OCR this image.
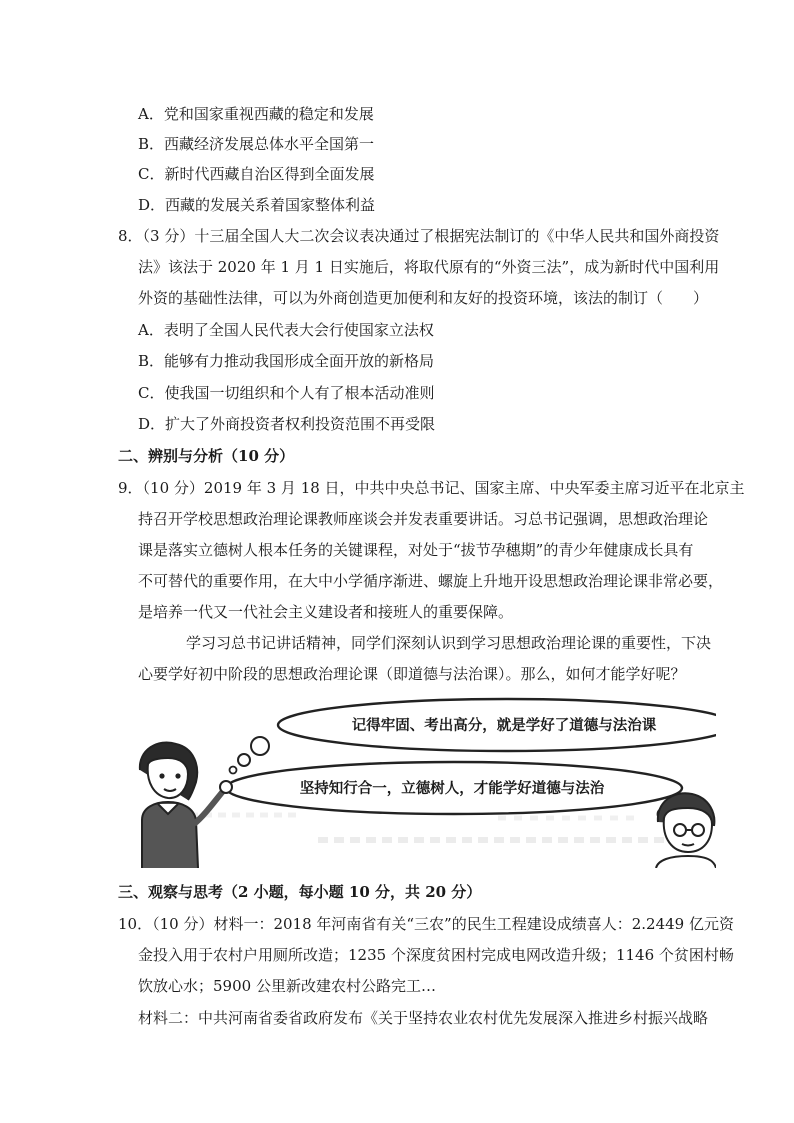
A．党和国家重视西藏的稳定和发展
B．西藏经济发展总体水平全国第一
C．新时代西藏自治区得到全面发展
D．西藏的发展关系着国家整体利益
8．（3 分）十三届全国人大二次会议表决通过了根据宪法制订的《中华人民共和国外商投资
法》该法于 2020 年 1 月 1 日实施后，将取代原有的“外资三法”，成为新时代中国利用
外资的基础性法律，可以为外商创造更加便利和友好的投资环境，该法的制订（　　）
A．表明了全国人民代表大会行使国家立法权
B．能够有力推动我国形成全面开放的新格局
C．使我国一切组织和个人有了根本活动准则
D．扩大了外商投资者权利投资范围不再受限
二、辨别与分析（10 分）
9．（10 分）2019 年 3 月 18 日，中共中央总书记、国家主席、中央军委主席习近平在北京主
持召开学校思想政治理论课教师座谈会并发表重要讲话。习总书记强调，思想政治理论
课是落实立德树人根本任务的关键课程，对处于“拔节孕穗期”的青少年健康成长具有
不可替代的重要作用，在大中小学循序渐进、螺旋上升地开设思想政治理论课非常必要，
是培养一代又一代社会主义建设者和接班人的重要保障。
学习习总书记讲话精神，同学们深刻认识到学习思想政治理论课的重要性，下决
心要学好初中阶段的思想政治理论课（即道德与法治课）。那么，如何才能学好呢？
记得牢固、考出高分，就是学好了道德与法治课
坚持知行合一，立德树人，才能学好道德与法治
三、观察与思考（2 小题，每小题 10 分，共 20 分）
10．（10 分）材料一：2018 年河南省有关“三农”的民生工程建设成绩喜人：2.2449 亿元资
金投入用于农村户用厕所改造；1235 个深度贫困村完成电网改造升级；1146 个贫困村畅
饮放心水；5900 公里新改建农村公路完工…
材料二：中共河南省委省政府发布《关于坚持农业农村优先发展深入推进乡村振兴战略
